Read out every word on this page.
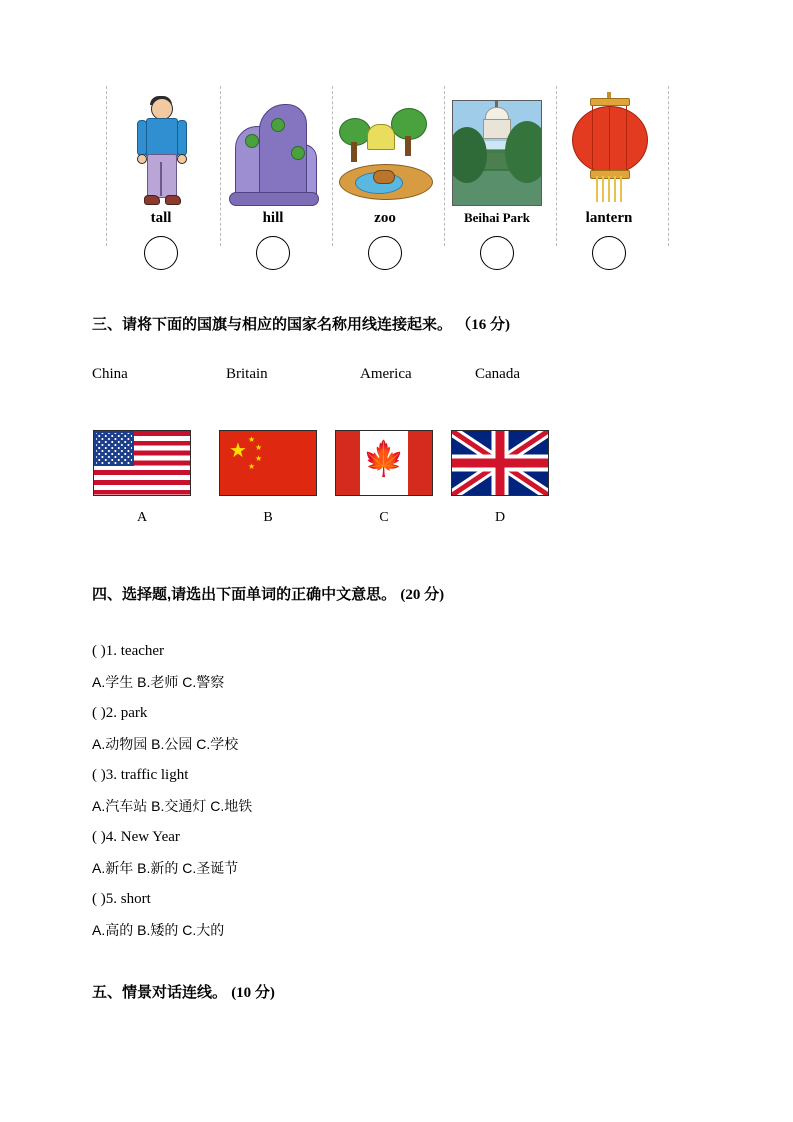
tall	hill	zoo	Beihai Park	lantern
三、请将下面的国旗与相应的国家名称用线连接起来。 （16 分)
China	Britain	America	Canada
A
★
★
★
★
★
B
🍁
C	D
四、选择题,请选出下面单词的正确中文意思。 (20 分)
( )1. teacher
A.学生 B.老师 C.警察
( )2. park
A.动物园 B.公园 C.学校
( )3. traffic light
A.汽车站 B.交通灯 C.地铁
( )4. New Year
A.新年 B.新的 C.圣诞节
( )5. short
A.高的 B.矮的 C.大的
五、情景对话连线。 (10 分)
